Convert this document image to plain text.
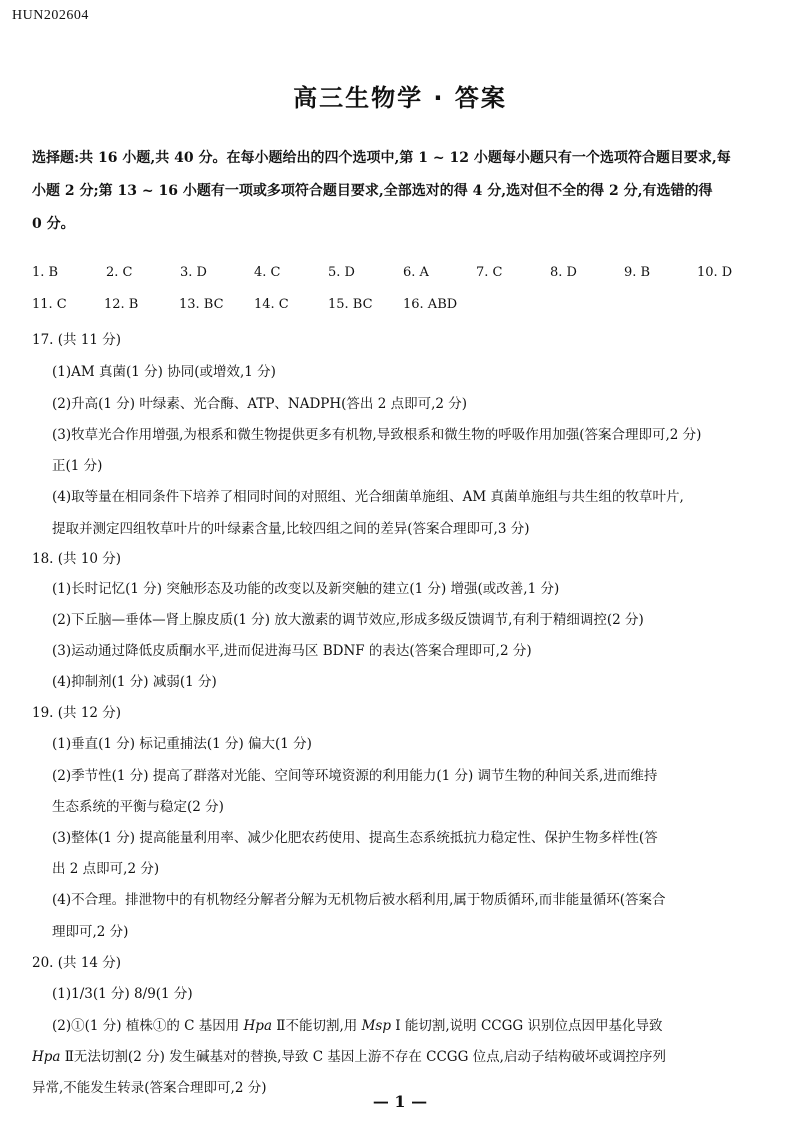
HUN202604
高三生物学 · 答案
选择题:共 16 小题,共 40 分。在每小题给出的四个选项中,第 1 ~ 12 小题每小题只有一个选项符合题目要求,每
小题 2 分;第 13 ~ 16 小题有一项或多项符合题目要求,全部选对的得 4 分,选对但不全的得 2 分,有选错的得
0 分。
1. B	2. C	3. D	4. C	5. D	6. A	7. C	8. D	9. B	10. D
11. C	12. B	13. BC 14. C	15. BC 16. ABD
17. (共 11 分)
(1)AM 真菌(1 分) 协同(或增效,1 分)
(2)升高(1 分) 叶绿素、光合酶、ATP、NADPH(答出 2 点即可,2 分)
(3)牧草光合作用增强,为根系和微生物提供更多有机物,导致根系和微生物的呼吸作用加强(答案合理即可,2 分)
正(1 分)
(4)取等量在相同条件下培养了相同时间的对照组、光合细菌单施组、AM 真菌单施组与共生组的牧草叶片,
提取并测定四组牧草叶片的叶绿素含量,比较四组之间的差异(答案合理即可,3 分)
18. (共 10 分)
(1)长时记忆(1 分) 突触形态及功能的改变以及新突触的建立(1 分) 增强(或改善,1 分)
(2)下丘脑—垂体—肾上腺皮质(1 分) 放大激素的调节效应,形成多级反馈调节,有利于精细调控(2 分)
(3)运动通过降低皮质酮水平,进而促进海马区 BDNF 的表达(答案合理即可,2 分)
(4)抑制剂(1 分) 减弱(1 分)
19. (共 12 分)
(1)垂直(1 分) 标记重捕法(1 分) 偏大(1 分)
(2)季节性(1 分) 提高了群落对光能、空间等环境资源的利用能力(1 分) 调节生物的种间关系,进而维持
生态系统的平衡与稳定(2 分)
(3)整体(1 分) 提高能量利用率、减少化肥农药使用、提高生态系统抵抗力稳定性、保护生物多样性(答
出 2 点即可,2 分)
(4)不合理。排泄物中的有机物经分解者分解为无机物后被水稻利用,属于物质循环,而非能量循环(答案合
理即可,2 分)
20. (共 14 分)
(1)1/3(1 分) 8/9(1 分)
(2)①(1 分) 植株①的 C 基因用 Hpa Ⅱ不能切割,用 Msp Ⅰ 能切割,说明 CCGG 识别位点因甲基化导致
Hpa Ⅱ无法切割(2 分) 发生碱基对的替换,导致 C 基因上游不存在 CCGG 位点,启动子结构破坏或调控序列
异常,不能发生转录(答案合理即可,2 分)
— 1 —
